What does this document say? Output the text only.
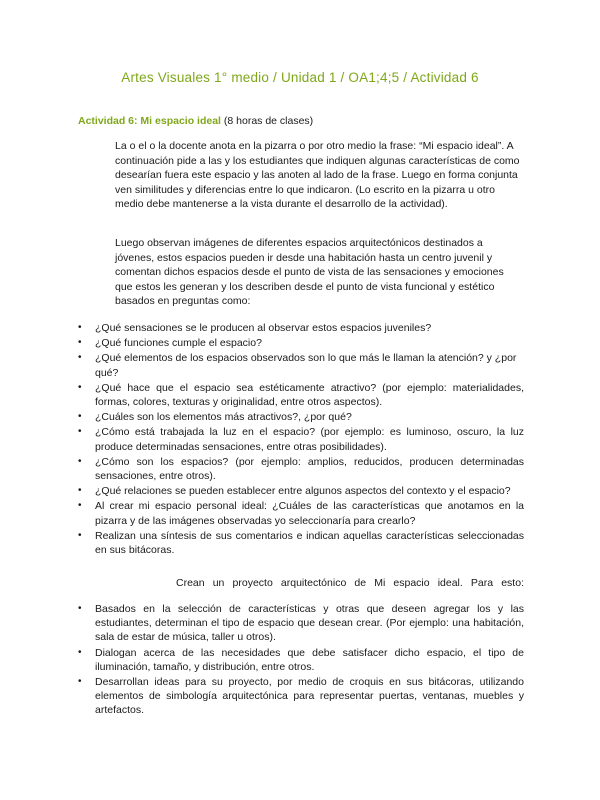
Artes Visuales 1° medio / Unidad 1 / OA1;4;5 / Actividad 6
Actividad 6: Mi espacio ideal (8 horas de clases)

La o el o la docente anota en la pizarra o por otro medio la frase: “Mi espacio ideal”. A continuación pide a las y los estudiantes que indiquen algunas características de como desearían fuera este espacio y las anoten al lado de la frase. Luego en forma conjunta ven similitudes y diferencias entre lo que indicaron. (Lo escrito en la pizarra u otro medio debe mantenerse a la vista durante el desarrollo de la actividad).

Luego observan imágenes de diferentes espacios arquitectónicos destinados a jóvenes, estos espacios pueden ir desde una habitación hasta un centro juvenil y comentan dichos espacios desde el punto de vista de las sensaciones y emociones que estos les generan y los describen desde el punto de vista funcional y estético basados en preguntas como:

• ¿Qué sensaciones se le producen al observar estos espacios juveniles?
• ¿Qué funciones cumple el espacio?
• ¿Qué elementos de los espacios observados son lo que más le llaman la atención? y ¿por qué?
• ¿Qué hace que el espacio sea estéticamente atractivo? (por ejemplo: materialidades, formas, colores, texturas y originalidad, entre otros aspectos).
• ¿Cuáles son los elementos más atractivos?, ¿por qué?
• ¿Cómo está trabajada la luz en el espacio? (por ejemplo: es luminoso, oscuro, la luz produce determinadas sensaciones, entre otras posibilidades).
• ¿Cómo son los espacios? (por ejemplo: amplios, reducidos, producen determinadas sensaciones, entre otros).
• ¿Qué relaciones se pueden establecer entre algunos aspectos del contexto y el espacio?
• Al crear mi espacio personal ideal: ¿Cuáles de las características que anotamos en la pizarra y de las imágenes observadas yo seleccionaría para crearlo?
• Realizan una síntesis de sus comentarios e indican aquellas características seleccionadas en sus bitácoras.
Crean un proyecto arquitectónico de Mi espacio ideal. Para esto:
• Basados en la selección de características y otras que deseen agregar los y las estudiantes, determinan el tipo de espacio que desean crear. (Por ejemplo: una habitación, sala de estar de música, taller u otros).
• Dialogan acerca de las necesidades que debe satisfacer dicho espacio, el tipo de iluminación, tamaño, y distribución, entre otros.
• Desarrollan ideas para su proyecto, por medio de croquis en sus bitácoras, utilizando elementos de simbología arquitectónica para representar puertas, ventanas, muebles y artefactos.
